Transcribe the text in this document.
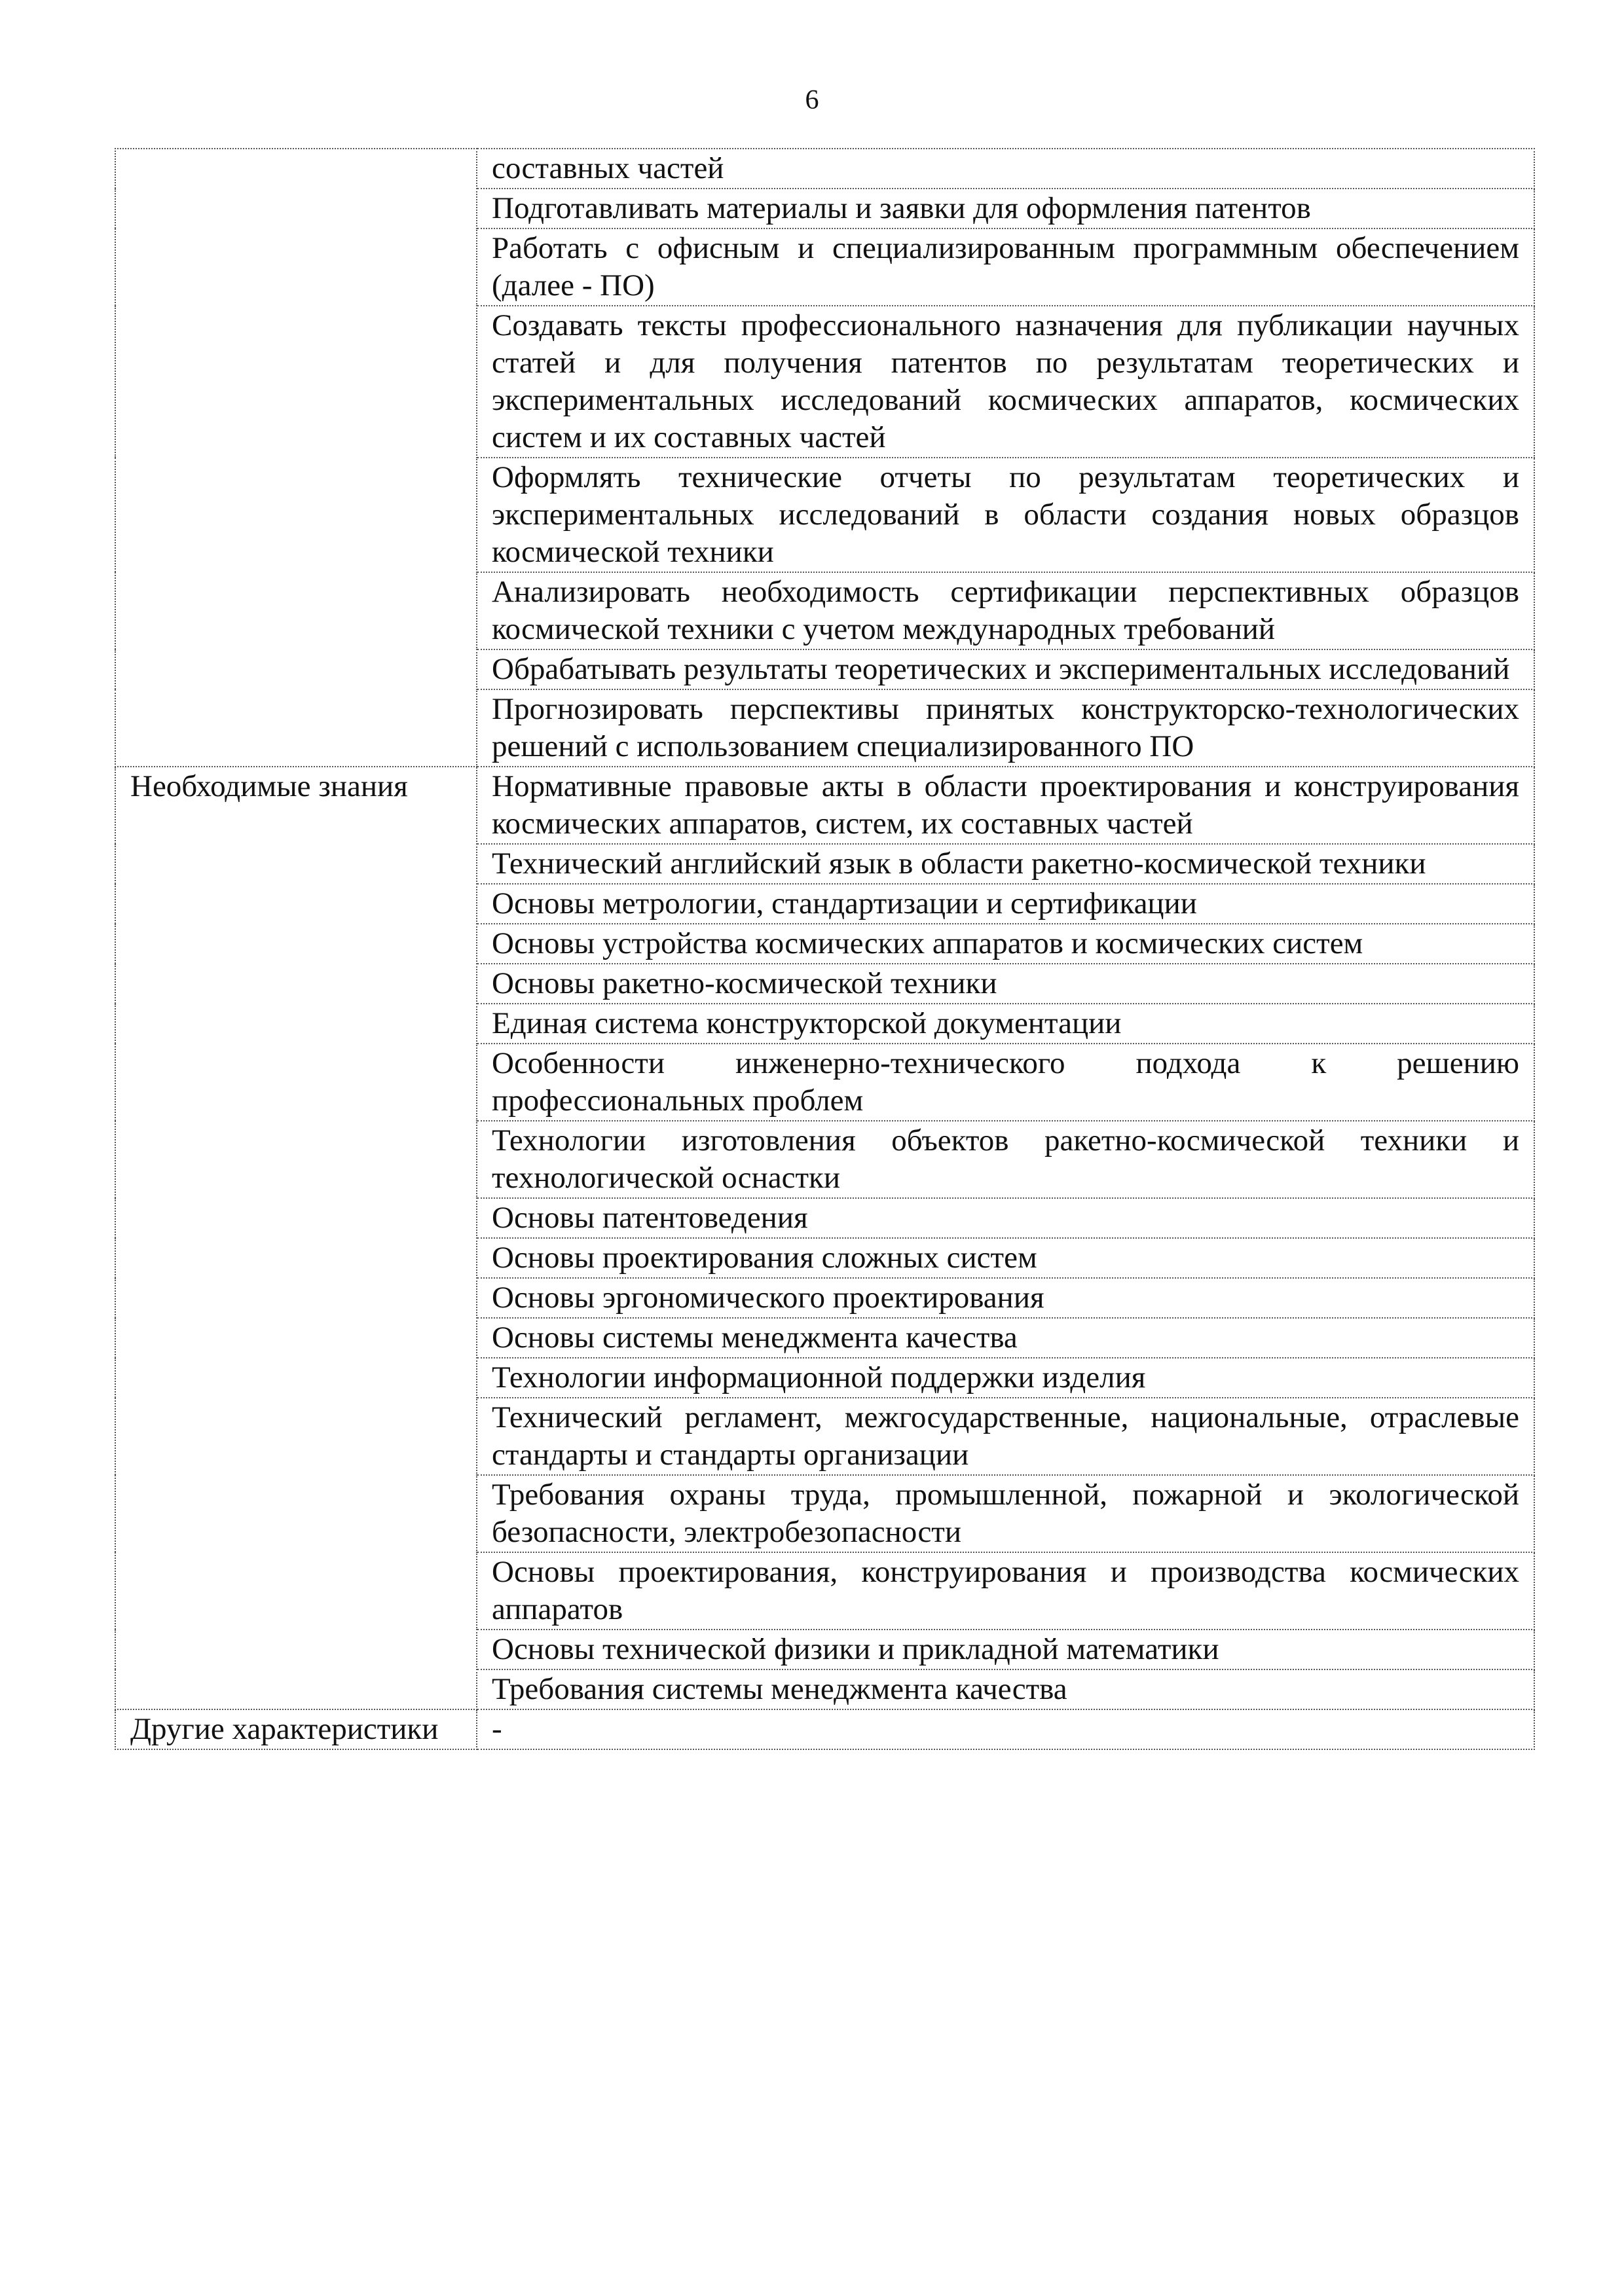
6
	составных частей
	Подготавливать материалы и заявки для оформления патентов
	Работать с офисным и специализированным программным обеспечением (далее - ПО)
	Создавать тексты профессионального назначения для публикации научных статей и для получения патентов по результатам теоретических и экспериментальных исследований космических аппаратов, космических систем и их составных частей
	Оформлять технические отчеты по результатам теоретических и экспериментальных исследований в области создания новых образцов космической техники
	Анализировать необходимость сертификации перспективных образцов космической техники с учетом международных требований
	Обрабатывать результаты теоретических и экспериментальных исследований
	Прогнозировать перспективы принятых конструкторско-технологических решений с использованием специализированного ПО
Необходимые знания	Нормативные правовые акты в области проектирования и конструирования космических аппаратов, систем, их составных частей
	Технический английский язык в области ракетно-космической техники
	Основы метрологии, стандартизации и сертификации
	Основы устройства космических аппаратов и космических систем
	Основы ракетно-космической техники
	Единая система конструкторской документации
	Особенности инженерно-технического подхода к решению профессиональных проблем
	Технологии изготовления объектов ракетно-космической техники и технологической оснастки
	Основы патентоведения
	Основы проектирования сложных систем
	Основы эргономического проектирования
	Основы системы менеджмента качества
	Технологии информационной поддержки изделия
	Технический регламент, межгосударственные, национальные, отраслевые стандарты и стандарты организации
	Требования охраны труда, промышленной, пожарной и экологической безопасности, электробезопасности
	Основы проектирования, конструирования и производства космических аппаратов
	Основы технической физики и прикладной математики
	Требования системы менеджмента качества
Другие характеристики	-
